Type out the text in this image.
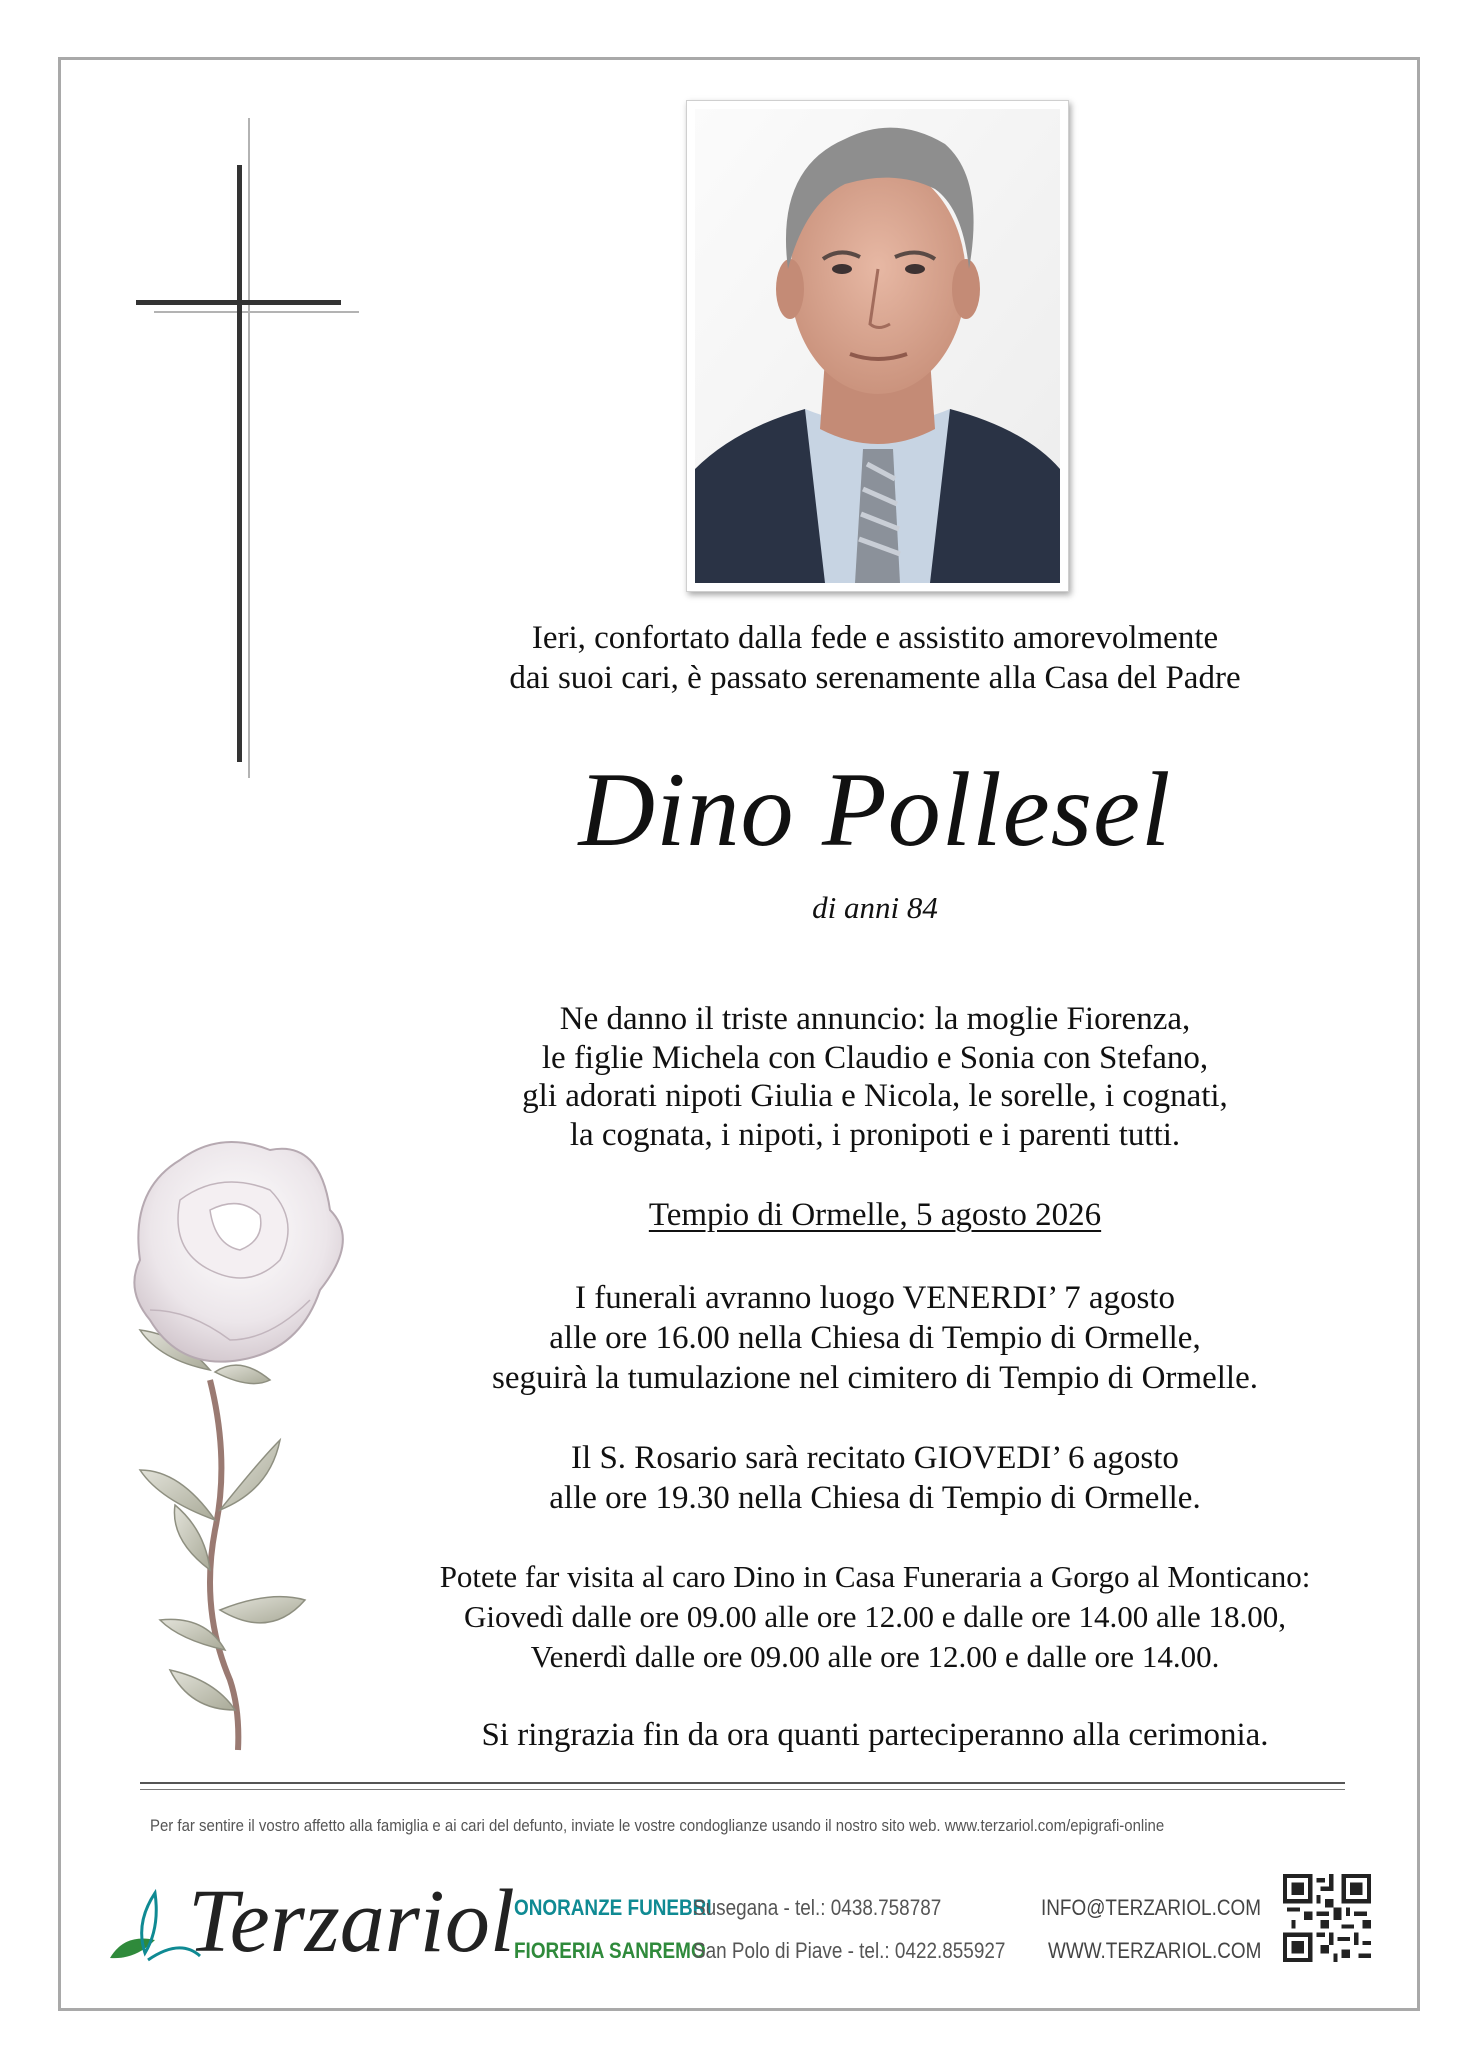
Ieri, confortato dalla fede e assistito amorevolmente
dai suoi cari, è passato serenamente alla Casa del Padre
Dino Pollesel
di anni 84
Ne danno il triste annuncio: la moglie Fiorenza,
le figlie Michela con Claudio e Sonia con Stefano,
gli adorati nipoti Giulia e Nicola, le sorelle, i cognati,
la cognata, i nipoti, i pronipoti e i parenti tutti.
Tempio di Ormelle, 5 agosto 2026
I funerali avranno luogo VENERDI’ 7 agosto
alle ore 16.00 nella Chiesa di Tempio di Ormelle,
seguirà la tumulazione nel cimitero di Tempio di Ormelle.
Il S. Rosario sarà recitato GIOVEDI’ 6 agosto
alle ore 19.30 nella Chiesa di Tempio di Ormelle.
Potete far visita al caro Dino in Casa Funeraria a Gorgo al Monticano:
Giovedì dalle ore 09.00 alle ore 12.00 e dalle ore 14.00 alle 18.00,
Venerdì dalle ore 09.00 alle ore 12.00 e dalle ore 14.00.
Si ringrazia fin da ora quanti parteciperanno alla cerimonia.
Per far sentire il vostro affetto alla famiglia e ai cari del defunto, inviate le vostre condoglianze usando il nostro sito web. www.terzariol.com/epigrafi-online
Terzariol ONORANZE FUNEBRI
FIORERIA SANREMO
Susegana - tel.: 0438.758787
San Polo di Piave - tel.: 0422.855927
INFO@TERZARIOL.COM
WWW.TERZARIOL.COM
